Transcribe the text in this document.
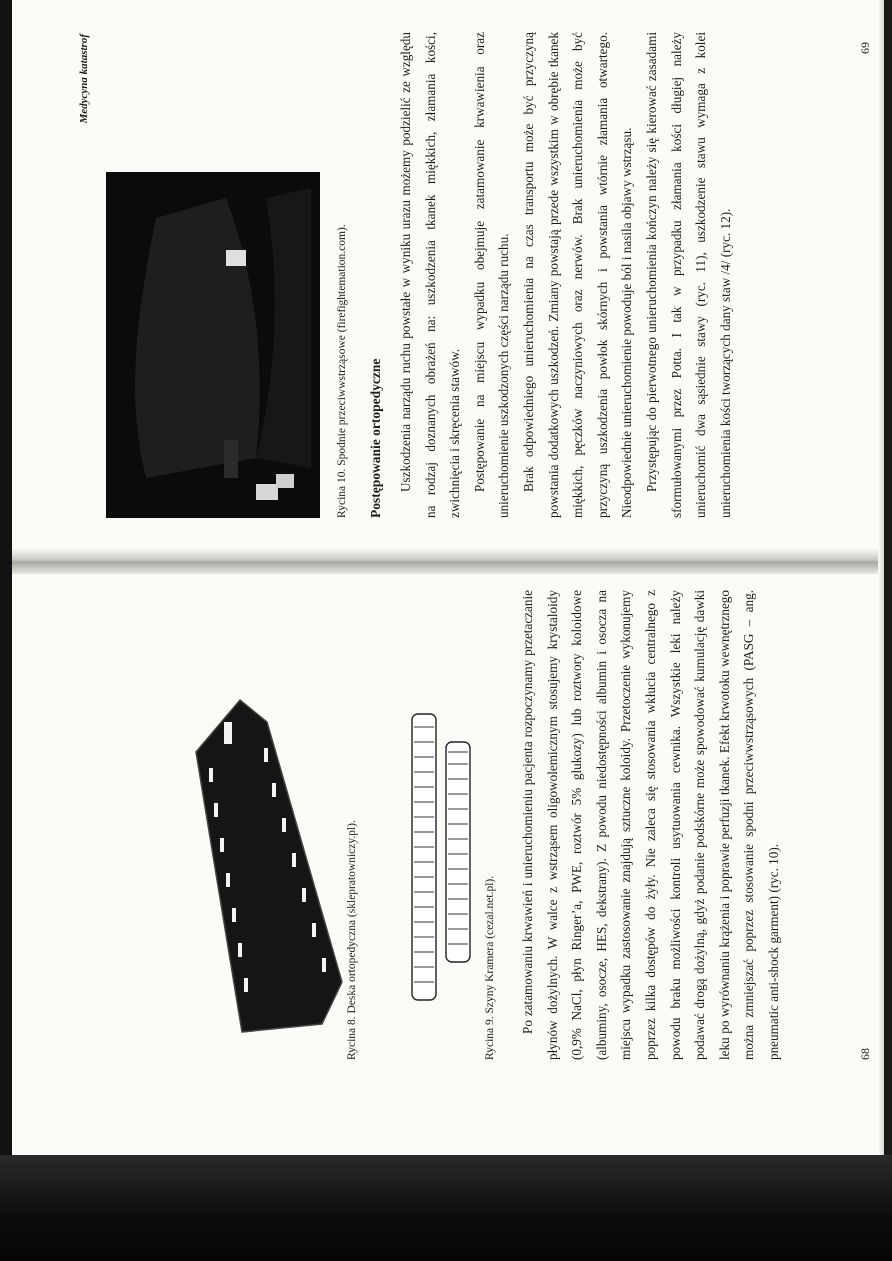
Rycina 8. Deska ortopedyczna (sklepratowniczy.pl).	Rycina 9. Szyny Kramera (cezal.net.pl).	Po zatamowaniu krwawień i unieruchomieniu pacjenta rozpoczynamy przetaczanie płynów dożylnych. W walce z wstrząsem oligowolemicznym stosujemy krystaloidy (0,9% NaCl, płyn Ringer’a, PWE, roztwór 5% glukozy) lub roztwory koloidowe (albuminy, osocze, HES, dekstrany). Z powodu niedostępności albumin i osocza na miejscu wypadku zastosowanie znajdują sztuczne koloidy. Przetoczenie wykonujemy poprzez kilka dostępów do żyły. Nie zaleca się stosowania wkłucia centralnego z powodu braku możliwości kontroli usytuowania cewnika. Wszystkie leki należy podawać drogą dożylną, gdyż podanie podskórne może spowodować kumulację dawki leku po wyrównaniu krążenia i poprawie perfuzji tkanek. Efekt krwotoku wewnętrznego można zmniejszać poprzez stosowanie spodni przeciwwstrząsowych (PASG – ang. pneumatic anti-shock garment) (ryc. 10).	68
Medycyna katastrof
Rycina 10. Spodnie przeciwwstrząsowe (firefightemation.com). Postępowanie ortopedyczne	Uszkodzenia narządu ruchu powstałe w wyniku urazu możemy podzielić ze względu na rodzaj doznanych obrażeń na: uszkodzenia tkanek miękkich, złamania kości, zwichnięcia i skręcenia stawów. Postępowanie na miejscu wypadku obejmuje zatamowanie krwawienia oraz unieruchomienie uszkodzonych części narządu ruchu. Brak odpowiedniego unieruchomienia na czas transportu może być przyczyną powstania dodatkowych uszkodzeń. Zmiany powstają przede wszystkim w obrębie tkanek miękkich, pęczków naczyniowych oraz nerwów. Brak unieruchomienia może być przyczyną uszkodzenia powłok skórnych i powstania wtórnie złamania otwartego. Nieodpowiednie unieruchomienie powoduje ból i nasila objawy wstrząsu. Przystępując do pierwotnego unieruchomienia kończyn należy się kierować zasadami sformułowanymi przez Potta. I tak w przypadku złamania kości długiej należy unieruchomić dwa sąsiednie stawy (ryc. 11), uszkodzenie stawu wymaga z kolei unieruchomienia kości tworzących dany staw /4/ (ryc. 12).

69
